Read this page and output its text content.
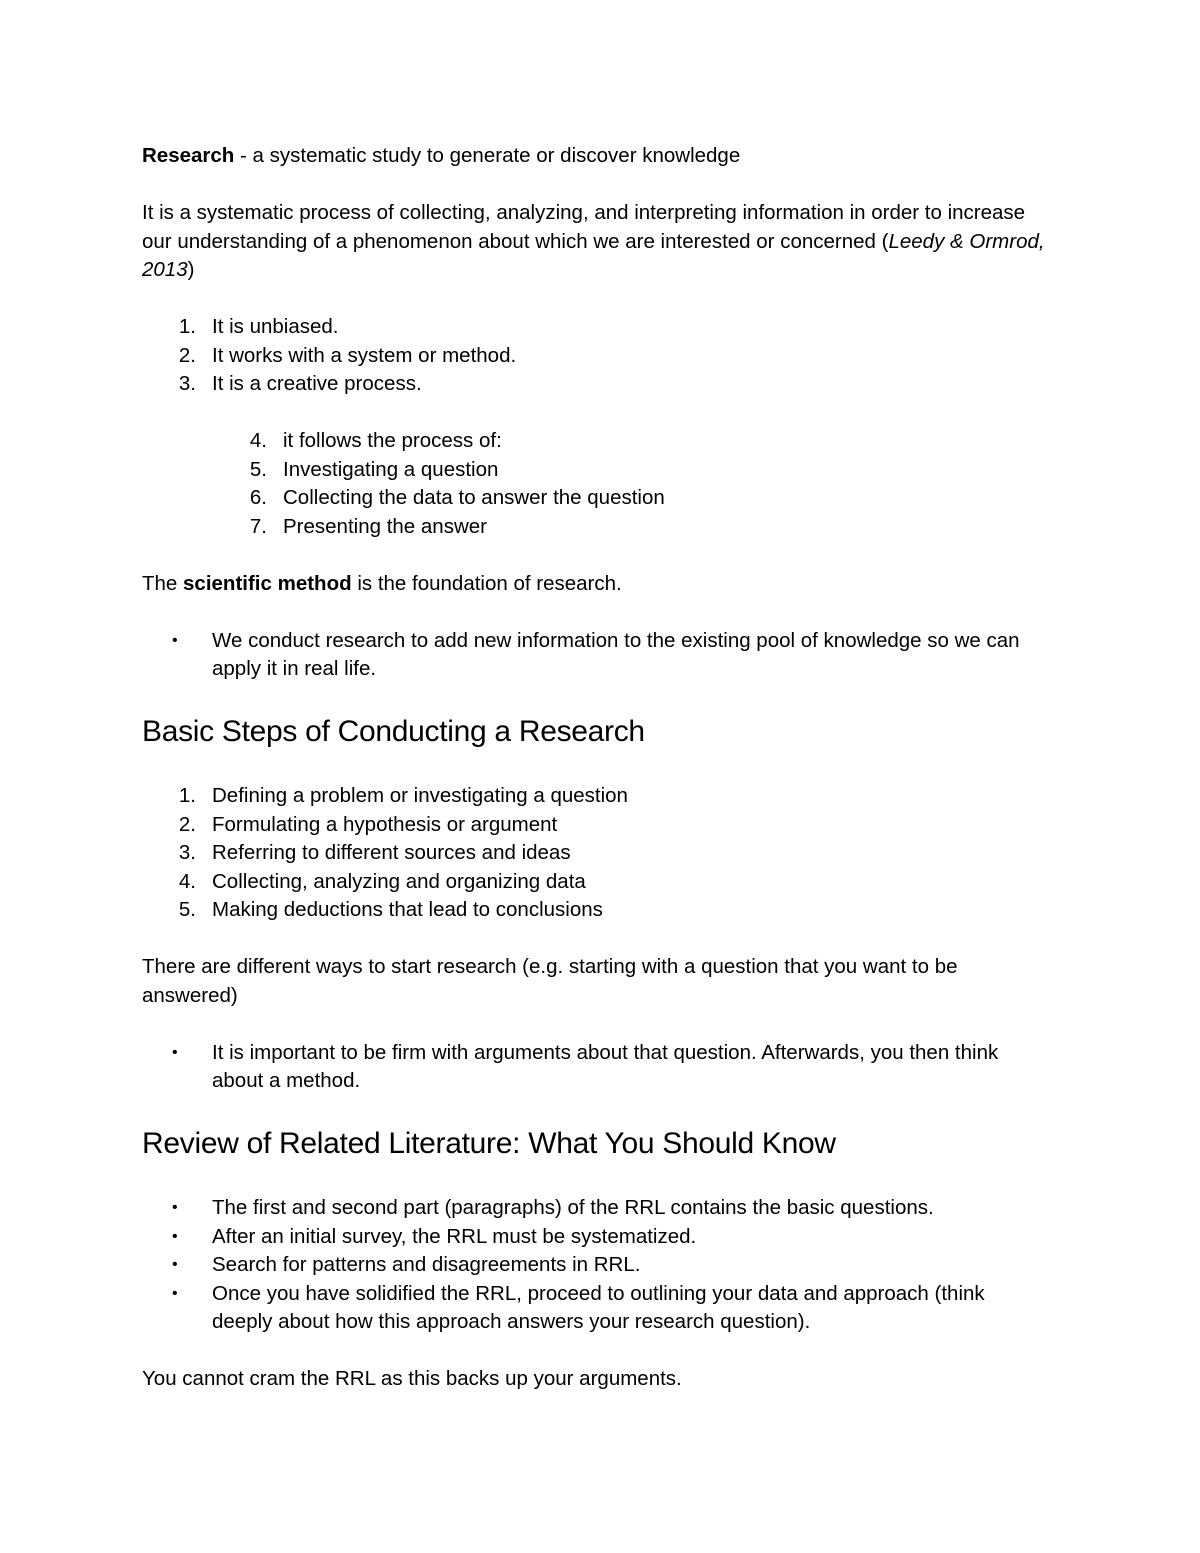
Research - a systematic study to generate or discover knowledge

It is a systematic process of collecting, analyzing, and interpreting information in order to increase our understanding of a phenomenon about which we are interested or concerned (Leedy & Ormrod, 2013)

1. It is unbiased.
2. It works with a system or method.
3. It is a creative process.
4. it follows the process of:
5. Investigating a question
6. Collecting the data to answer the question
7. Presenting the answer

The scientific method is the foundation of research.

• We conduct research to add new information to the existing pool of knowledge so we can apply it in real life.
Basic Steps of Conducting a Research
1. Defining a problem or investigating a question
2. Formulating a hypothesis or argument
3. Referring to different sources and ideas
4. Collecting, analyzing and organizing data
5. Making deductions that lead to conclusions

There are different ways to start research (e.g. starting with a question that you want to be answered)

• It is important to be firm with arguments about that question. Afterwards, you then think about a method.
Review of Related Literature: What You Should Know
• The first and second part (paragraphs) of the RRL contains the basic questions.
• After an initial survey, the RRL must be systematized.
• Search for patterns and disagreements in RRL.
• Once you have solidified the RRL, proceed to outlining your data and approach (think deeply about how this approach answers your research question).

You cannot cram the RRL as this backs up your arguments.
